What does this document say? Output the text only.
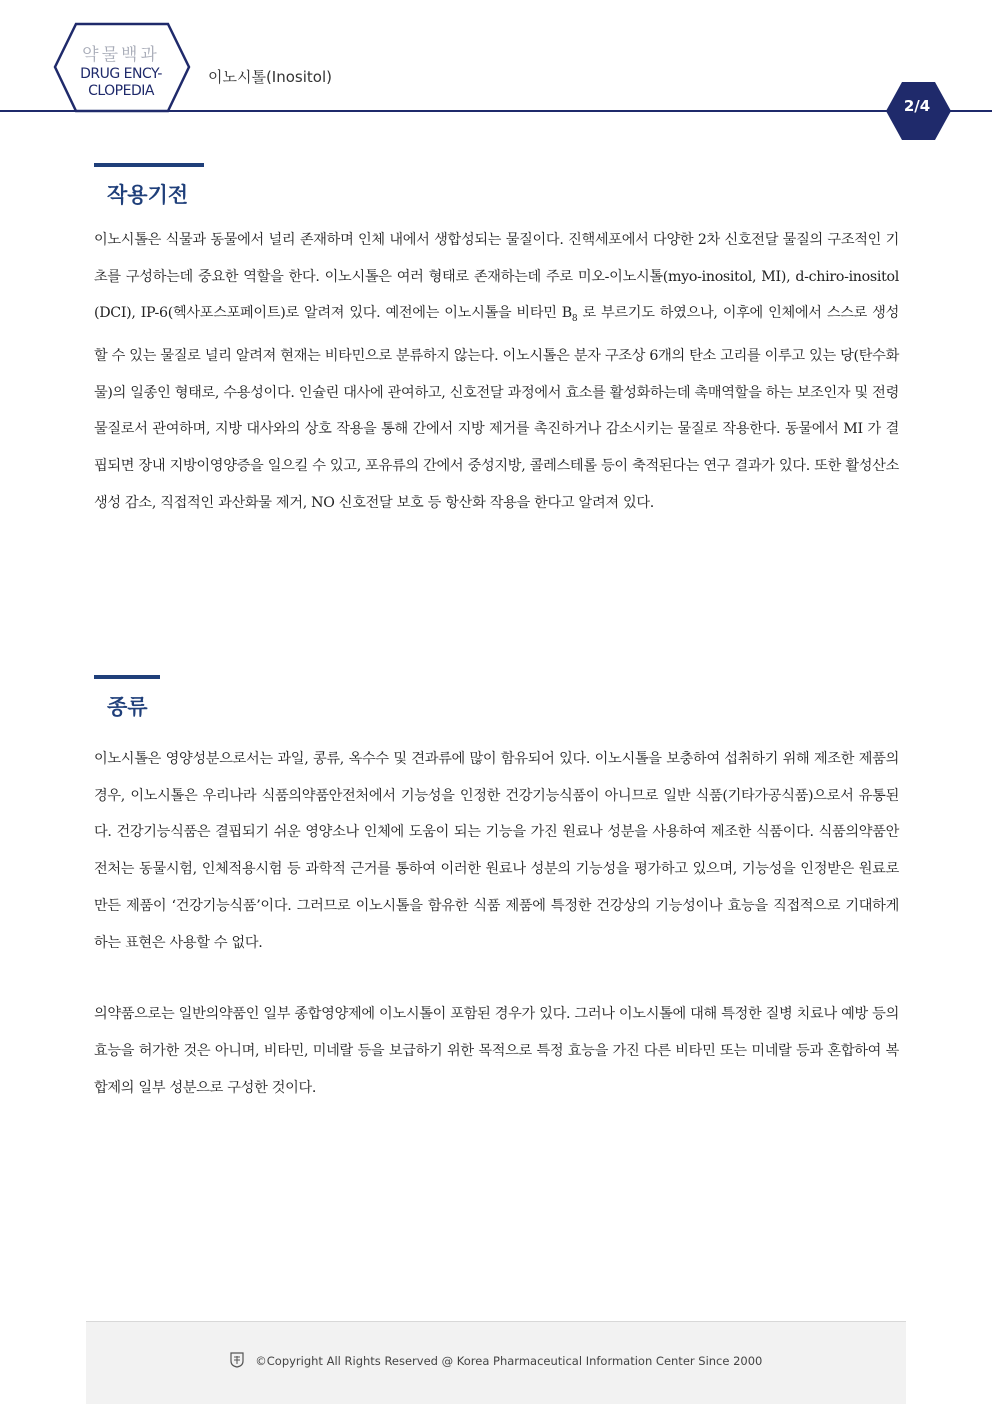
약물백과
DRUG ENCY-
CLOPEDIA
이노시톨(Inositol)
2/4
작용기전

이노시톨은 식물과 동물에서 널리 존재하며 인체 내에서 생합성되는 물질이다. 진핵세포에서 다양한 2차 신호전달 물질의 구조적인 기초를 구성하는데 중요한 역할을 한다. 이노시톨은 여러 형태로 존재하는데 주로 미오-이노시톨(myo-inositol, MI), d-chiro-inositol (DCI), IP-6(헥사포스포페이트)로 알려져 있다. 예전에는 이노시톨을 비타민 $B_8$ 로 부르기도 하였으나, 이후에 인체에서 스스로 생성할 수 있는 물질로 널리 알려져 현재는 비타민으로 분류하지 않는다. 이노시톨은 분자 구조상 6개의 탄소 고리를 이루고 있는 당(탄수화물)의 일종인 형태로, 수용성이다. 인슐린 대사에 관여하고, 신호전달 과정에서 효소를 활성화하는데 촉매역할을 하는 보조인자 및 전령물질로서 관여하며, 지방 대사와의 상호 작용을 통해 간에서 지방 제거를 촉진하거나 감소시키는 물질로 작용한다. 동물에서 MI 가 결핍되면 장내 지방이영양증을 일으킬 수 있고, 포유류의 간에서 중성지방, 콜레스테롤 등이 축적된다는 연구 결과가 있다. 또한 활성산소 생성 감소, 직접적인 과산화물 제거, NO 신호전달 보호 등 항산화 작용을 한다고 알려져 있다.

종류

이노시톨은 영양성분으로서는 과일, 콩류, 옥수수 및 견과류에 많이 함유되어 있다. 이노시톨을 보충하여 섭취하기 위해 제조한 제품의 경우, 이노시톨은 우리나라 식품의약품안전처에서 기능성을 인정한 건강기능식품이 아니므로 일반 식품(기타가공식품)으로서 유통된다. 건강기능식품은 결핍되기 쉬운 영양소나 인체에 도움이 되는 기능을 가진 원료나 성분을 사용하여 제조한 식품이다. 식품의약품안전처는 동물시험, 인체적용시험 등 과학적 근거를 통하여 이러한 원료나 성분의 기능성을 평가하고 있으며, 기능성을 인정받은 원료로 만든 제품이 ‘건강기능식품’이다. 그러므로 이노시톨을 함유한 식품 제품에 특정한 건강상의 기능성이나 효능을 직접적으로 기대하게 하는 표현은 사용할 수 없다.

의약품으로는 일반의약품인 일부 종합영양제에 이노시톨이 포함된 경우가 있다. 그러나 이노시톨에 대해 특정한 질병 치료나 예방 등의 효능을 허가한 것은 아니며, 비타민, 미네랄 등을 보급하기 위한 목적으로 특정 효능을 가진 다른 비타민 또는 미네랄 등과 혼합하여 복합제의 일부 성분으로 구성한 것이다.

©Copyright All Rights Reserved @ Korea Pharmaceutical Information Center Since 2000
